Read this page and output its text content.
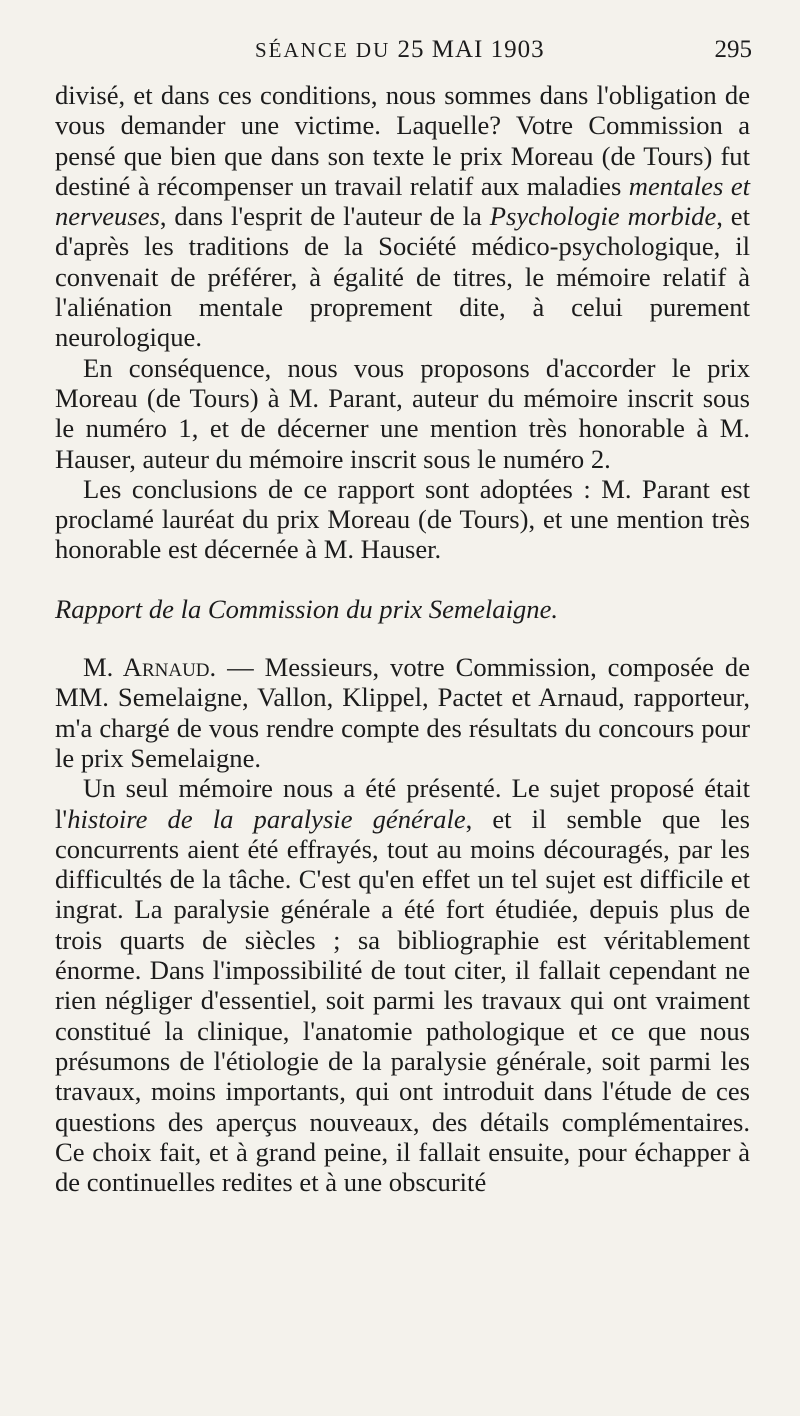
SÉANCE DU 25 MAI 1903	295

divisé, et dans ces conditions, nous sommes dans l'obligation de vous demander une victime. Laquelle? Votre Commission a pensé que bien que dans son texte le prix Moreau (de Tours) fut destiné à récompenser un travail relatif aux maladies mentales et nerveuses, dans l'esprit de l'auteur de la Psychologie morbide, et d'après les traditions de la Société médico-psychologique, il convenait de préférer, à égalité de titres, le mémoire relatif à l'aliénation mentale proprement dite, à celui purement neurologique.

En conséquence, nous vous proposons d'accorder le prix Moreau (de Tours) à M. Parant, auteur du mémoire inscrit sous le numéro 1, et de décerner une mention très honorable à M. Hauser, auteur du mémoire inscrit sous le numéro 2.

Les conclusions de ce rapport sont adoptées : M. Parant est proclamé lauréat du prix Moreau (de Tours), et une mention très honorable est décernée à M. Hauser.

Rapport de la Commission du prix Semelaigne.

M. Arnaud. — Messieurs, votre Commission, composée de MM. Semelaigne, Vallon, Klippel, Pactet et Arnaud, rapporteur, m'a chargé de vous rendre compte des résultats du concours pour le prix Semelaigne.

Un seul mémoire nous a été présenté. Le sujet proposé était l'histoire de la paralysie générale, et il semble que les concurrents aient été effrayés, tout au moins découragés, par les difficultés de la tâche. C'est qu'en effet un tel sujet est difficile et ingrat. La paralysie générale a été fort étudiée, depuis plus de trois quarts de siècles ; sa bibliographie est véritablement énorme. Dans l'impossibilité de tout citer, il fallait cependant ne rien négliger d'essentiel, soit parmi les travaux qui ont vraiment constitué la clinique, l'anatomie pathologique et ce que nous présumons de l'étiologie de la paralysie générale, soit parmi les travaux, moins importants, qui ont introduit dans l'étude de ces questions des aperçus nouveaux, des détails complémentaires. Ce choix fait, et à grand peine, il fallait ensuite, pour échapper à de continuelles redites et à une obscurité
